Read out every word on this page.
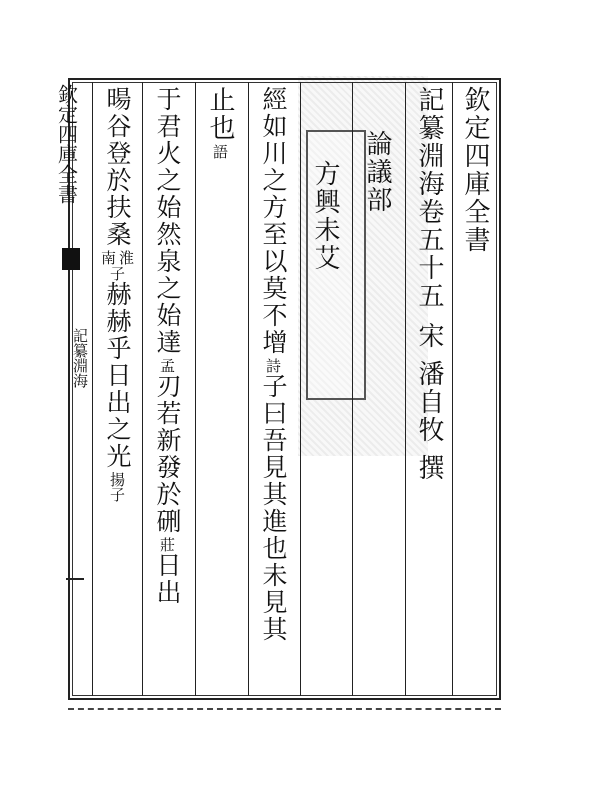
欽定四庫全書
記纂淵海
欽定四庫全書
記纂淵海卷五十五
宋
潘自牧
撰
論議部
方興未艾
經如川之方至以莫不增
詩
子曰吾見其進也未見其
止也
語
于君火之始然泉之始達
孟
刃若新發於硎
莊
日出
暘谷登於扶桑
淮
南
子
赫赫乎日出之光
揚
子
